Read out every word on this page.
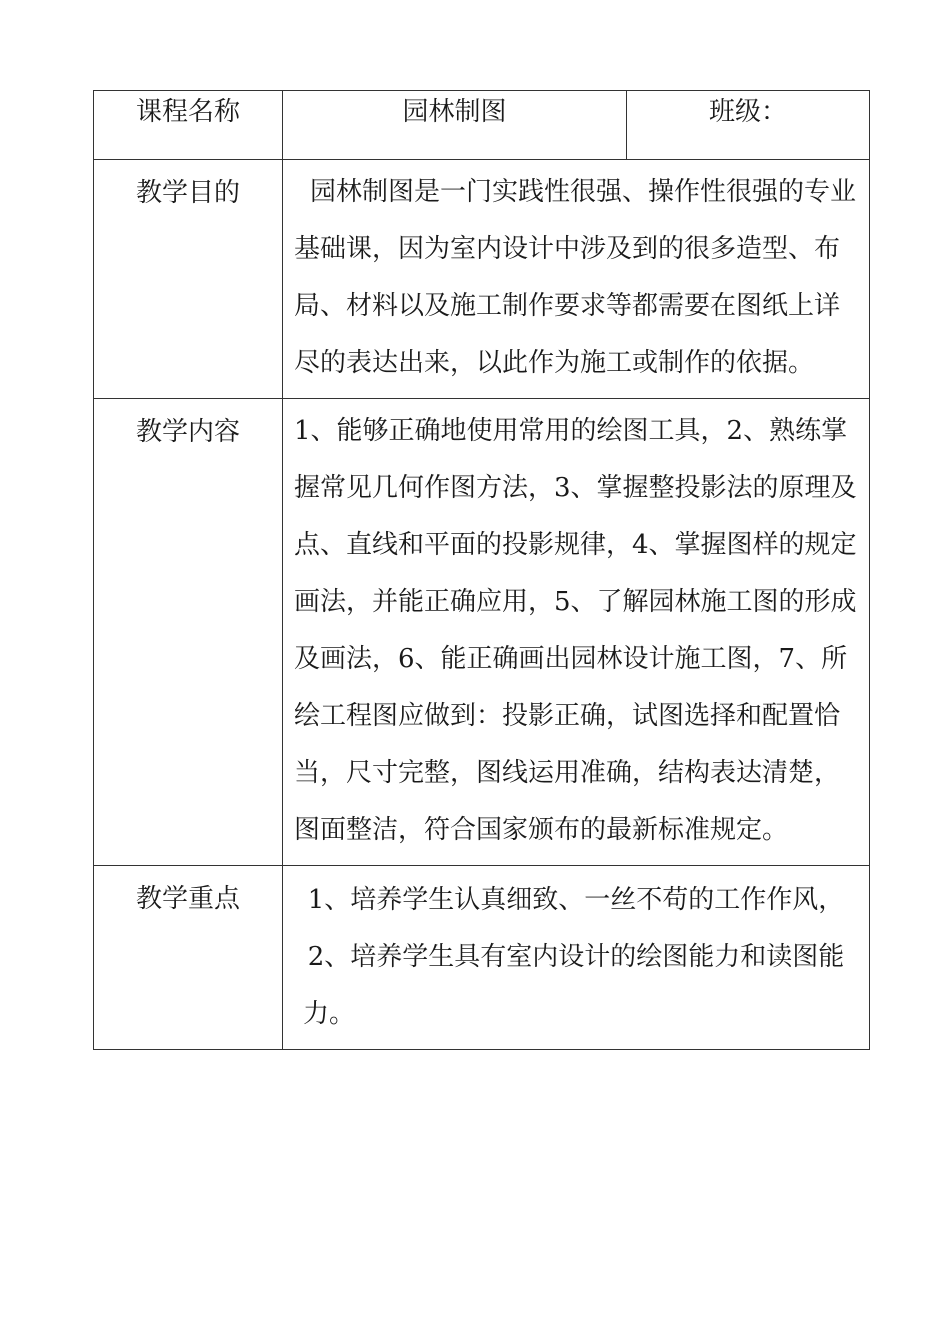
课程名称	园林制图	班级：
教学目的	园林制图是一门实践性很强、操作性很强的专业基础课，因为室内设计中涉及到的很多造型、布局、材料以及施工制作要求等都需要在图纸上详尽的表达出来，以此作为施工或制作的依据。	
教学内容	1、能够正确地使用常用的绘图工具，2、熟练掌握常见几何作图方法，3、掌握整投影法的原理及点、直线和平面的投影规律，4、掌握图样的规定画法，并能正确应用，5、了解园林施工图的形成及画法，6、能正确画出园林设计施工图，7、所绘工程图应做到：投影正确，试图选择和配置恰当，尺寸完整，图线运用准确，结构表达清楚，图面整洁，符合国家颁布的最新标准规定。	
教学重点	1、培养学生认真细致、一丝不苟的工作作风，2、培养学生具有室内设计的绘图能力和读图能力。	
